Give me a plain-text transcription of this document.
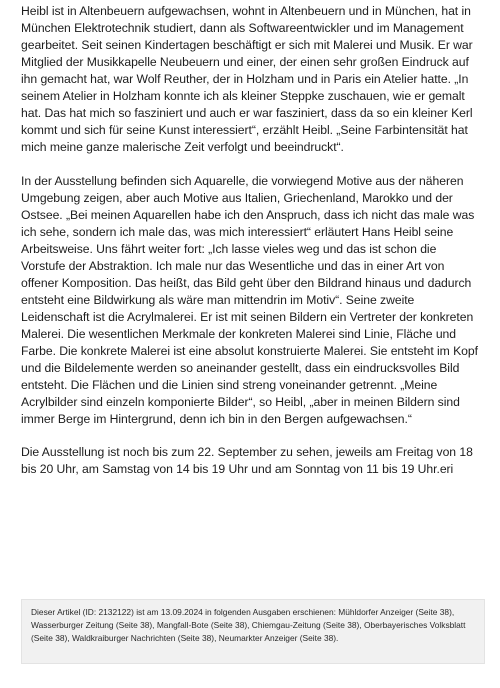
Heibl ist in Altenbeuern aufgewachsen, wohnt in Altenbeuern und in München, hat in München Elektrotechnik studiert, dann als Softwareentwickler und im Management gearbeitet. Seit seinen Kindertagen beschäftigt er sich mit Malerei und Musik. Er war Mitglied der Musikkapelle Neubeuern und einer, der einen sehr großen Eindruck auf ihn gemacht hat, war Wolf Reuther, der in Holzham und in Paris ein Atelier hatte. „In seinem Atelier in Holzham konnte ich als kleiner Steppke zuschauen, wie er gemalt hat. Das hat mich so fasziniert und auch er war fasziniert, dass da so ein kleiner Kerl kommt und sich für seine Kunst interessiert“, erzählt Heibl. „Seine Farbintensität hat mich meine ganze malerische Zeit verfolgt und beeindruckt“.

In der Ausstellung befinden sich Aquarelle, die vorwiegend Motive aus der näheren Umgebung zeigen, aber auch Motive aus Italien, Griechenland, Marokko und der Ostsee. „Bei meinen Aquarellen habe ich den Anspruch, dass ich nicht das male was ich sehe, sondern ich male das, was mich interessiert“ erläutert Hans Heibl seine Arbeitsweise. Uns fährt weiter fort: „Ich lasse vieles weg und das ist schon die Vorstufe der Abstraktion. Ich male nur das Wesentliche und das in einer Art von offener Komposition. Das heißt, das Bild geht über den Bildrand hinaus und dadurch entsteht eine Bildwirkung als wäre man mittendrin im Motiv“. Seine zweite Leidenschaft ist die Acrylmalerei. Er ist mit seinen Bildern ein Vertreter der konkreten Malerei. Die wesentlichen Merkmale der konkreten Malerei sind Linie, Fläche und Farbe. Die konkrete Malerei ist eine absolut konstruierte Malerei. Sie entsteht im Kopf und die Bildelemente werden so aneinander gestellt, dass ein eindrucksvolles Bild entsteht. Die Flächen und die Linien sind streng voneinander getrennt. „Meine Acrylbilder sind einzeln komponierte Bilder“, so Heibl, „aber in meinen Bildern sind immer Berge im Hintergrund, denn ich bin in den Bergen aufgewachsen.“

Die Ausstellung ist noch bis zum 22. September zu sehen, jeweils am Freitag von 18 bis 20 Uhr, am Samstag von 14 bis 19 Uhr und am Sonntag von 11 bis 19 Uhr.eri

Dieser Artikel (ID: 2132122) ist am 13.09.2024 in folgenden Ausgaben erschienen: Mühldorfer Anzeiger (Seite 38), Wasserburger Zeitung (Seite 38), Mangfall-Bote (Seite 38), Chiemgau-Zeitung (Seite 38), Oberbayerisches Volksblatt (Seite 38), Waldkraiburger Nachrichten (Seite 38), Neumarkter Anzeiger (Seite 38).
